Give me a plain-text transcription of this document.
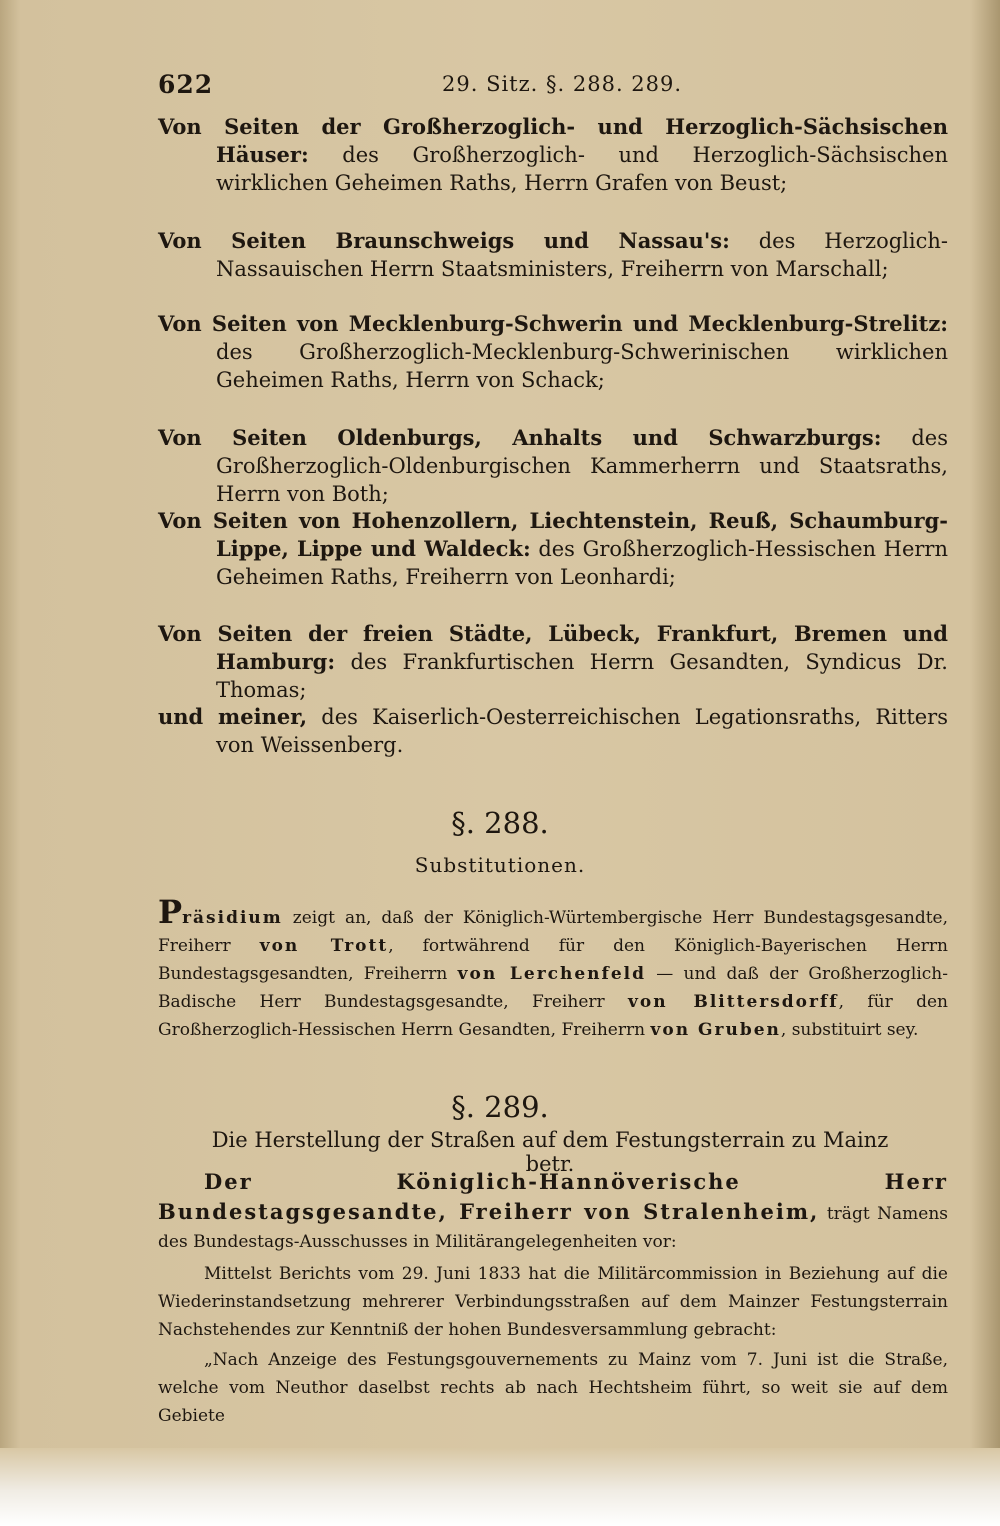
622	29. Sitz. §. 288. 289.
Von Seiten der Großherzoglich- und Herzoglich-Sächsischen Häuser: des Großherzoglich- und Herzoglich-Sächsischen wirklichen Geheimen Raths, Herrn Grafen von Beust;
Von Seiten Braunschweigs und Nassau's: des Herzoglich-Nassauischen Herrn Staatsministers, Freiherrn von Marschall;
Von Seiten von Mecklenburg-Schwerin und Mecklenburg-Strelitz: des Großherzoglich-Mecklenburg-Schwerinischen wirklichen Geheimen Raths, Herrn von Schack;
Von Seiten Oldenburgs, Anhalts und Schwarzburgs: des Großherzoglich-Oldenburgischen Kammerherrn und Staatsraths, Herrn von Both;
Von Seiten von Hohenzollern, Liechtenstein, Reuß, Schaumburg-Lippe, Lippe und Waldeck: des Großherzoglich-Hessischen Herrn Geheimen Raths, Freiherrn von Leonhardi;
Von Seiten der freien Städte, Lübeck, Frankfurt, Bremen und Hamburg: des Frankfurtischen Herrn Gesandten, Syndicus Dr. Thomas;
und meiner, des Kaiserlich-Oesterreichischen Legationsraths, Ritters von Weissenberg.
§. 288.
Substitutionen.
Präsidium zeigt an, daß der Königlich-Würtembergische Herr Bundestagsgesandte, Freiherr von Trott, fortwährend für den Königlich-Bayerischen Herrn Bundestagsgesandten, Freiherrn von Lerchenfeld — und daß der Großherzoglich-Badische Herr Bundestagsgesandte, Freiherr von Blittersdorff, für den Großherzoglich-Hessischen Herrn Gesandten, Freiherrn von Gruben, substituirt sey.
§. 289.
Die Herstellung der Straßen auf dem Festungsterrain zu Mainz betr.
Der Königlich-Hannöverische Herr Bundestagsgesandte, Freiherr von Stralenheim, trägt Namens des Bundestags-Ausschusses in Militärangelegenheiten vor:
Mittelst Berichts vom 29. Juni 1833 hat die Militärcommission in Beziehung auf die Wiederinstandsetzung mehrerer Verbindungsstraßen auf dem Mainzer Festungsterrain Nachstehendes zur Kenntniß der hohen Bundesversammlung gebracht:
„Nach Anzeige des Festungsgouvernements zu Mainz vom 7. Juni ist die Straße, welche vom Neuthor daselbst rechts ab nach Hechtsheim führt, so weit sie auf dem Gebiete
